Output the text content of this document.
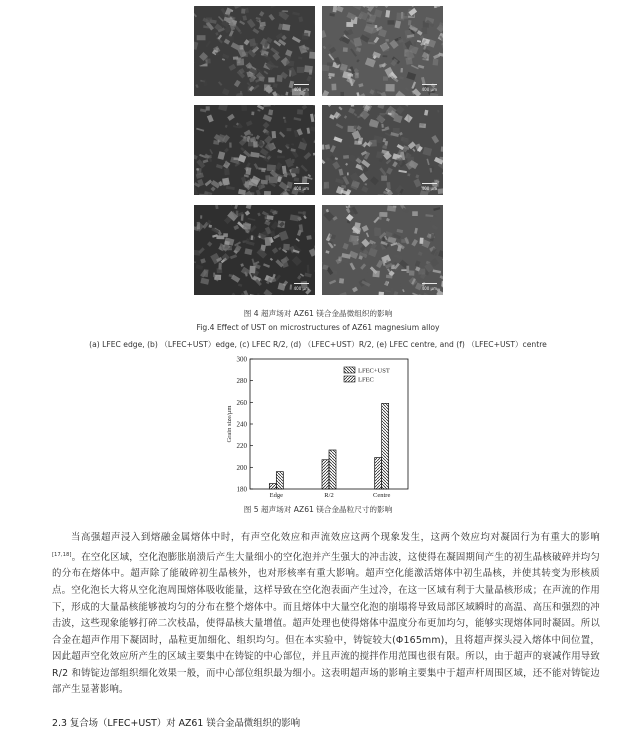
400 μm	400 μm
400 μm	400 μm
400 μm	400 μm
图 4 超声场对 AZ61 镁合金晶微组织的影响
Fig.4 Effect of UST on microstructures of AZ61 magnesium alloy
(a) LFEC edge, (b) （LFEC+UST）edge, (c) LFEC R/2, (d) （LFEC+UST）R/2, (e) LFEC centre, and (f) （LFEC+UST）centre
180
200
220
240
260
280
300
Grain size/μm
Edge	R/2	Centre
LFEC+UST
LFEC
图 5 超声场对 AZ61 镁合金晶粒尺寸的影响
当高强超声浸入到熔融金属熔体中时，有声空化效应和声流效应这两个现象发生，这两个效应均对凝固行为有重大的影响[17,18]。在空化区域，空化泡膨胀崩溃后产生大量细小的空化泡并产生强大的冲击波，这使得在凝固期间产生的初生晶核破碎并均匀的分布在熔体中。超声除了能破碎初生晶核外，也对形核率有重大影响。超声空化能激活熔体中初生晶核，并使其转变为形核质点。空化泡长大将从空化泡周围熔体吸收能量，这样导致在空化泡表面产生过冷，在这一区域有利于大量晶核形成；在声流的作用下，形成的大量晶核能够被均匀的分布在整个熔体中。而且熔体中大量空化泡的崩塌将导致局部区域瞬时的高温、高压和强烈的冲击波，这些现象能够打碎二次枝晶，使得晶核大量增值。超声处理也使得熔体中温度分布更加均匀，能够实现熔体同时凝固。所以合金在超声作用下凝固时，晶粒更加细化、组织均匀。但在本实验中，铸锭较大(Φ165mm)，且将超声探头浸入熔体中间位置，因此超声空化效应所产生的区域主要集中在铸锭的中心部位，并且声流的搅拌作用范围也很有限。所以，由于超声的衰减作用导致 R/2 和铸锭边部组织细化效果一般，而中心部位组织最为细小。这表明超声场的影响主要集中于超声杆周围区域，还不能对铸锭边部产生显著影响。
2.3 复合场（LFEC+UST）对 AZ61 镁合金晶微组织的影响
